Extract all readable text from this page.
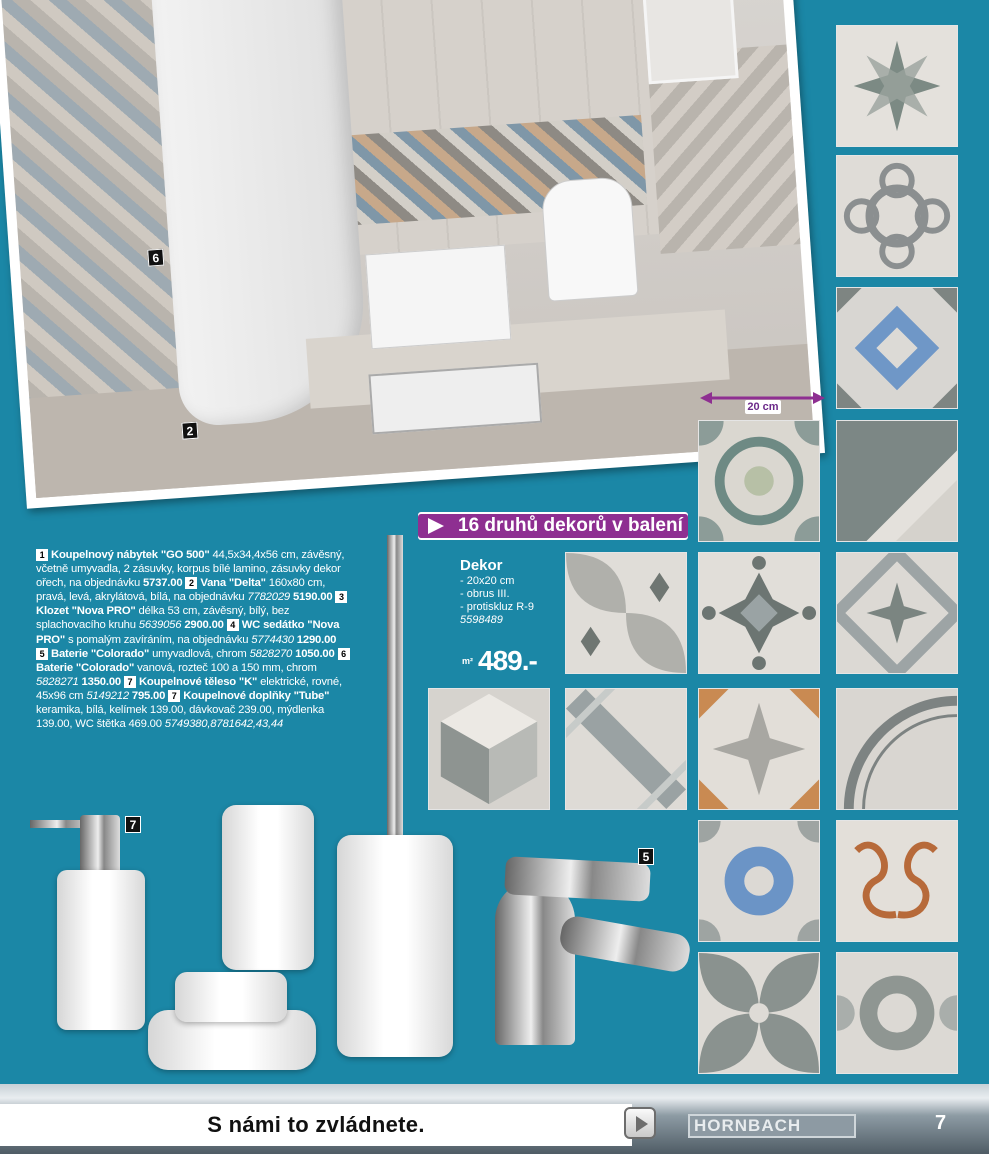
6
2
20 cm
16 druhů dekorů v balení
1 Koupelnový nábytek "GO 500" 44,5x34,4x56 cm, závěsný, včetně umyvadla, 2 zásuvky, korpus bílé lamino, zásuvky dekor ořech, na objednávku 5737.00 2 Vana "Delta" 160x80 cm, pravá, levá, akrylátová, bílá, na objednávku 7782029 5190.00 3Klozet "Nova PRO" délka 53 cm, závěsný, bílý, bez splachovacího kruhu 5639056 2900.00 4 WC sedátko "Nova PRO" s pomalým zavíráním, na objednávku 5774430 1290.00 5 Baterie "Colorado" umyvadlová, chrom 5828270 1050.00 6Baterie "Colorado" vanová, rozteč 100 a 150 mm, chrom 5828271 1350.00 7 Koupelnové těleso "K" elektrické, rovné, 45x96 cm 5149212 795.00 7 Koupelnové doplňky "Tube" keramika, bílá, kelímek 139.00, dávkovač 239.00, mýdlenka 139.00, WC štětka 469.00 5749380,8781642,43,44
Dekor
- 20x20 cm
- obrus III.
- protiskluz R-9
5598489
m² 489.-
7
5
S námi to zvládnete.	HORNBACH	7
